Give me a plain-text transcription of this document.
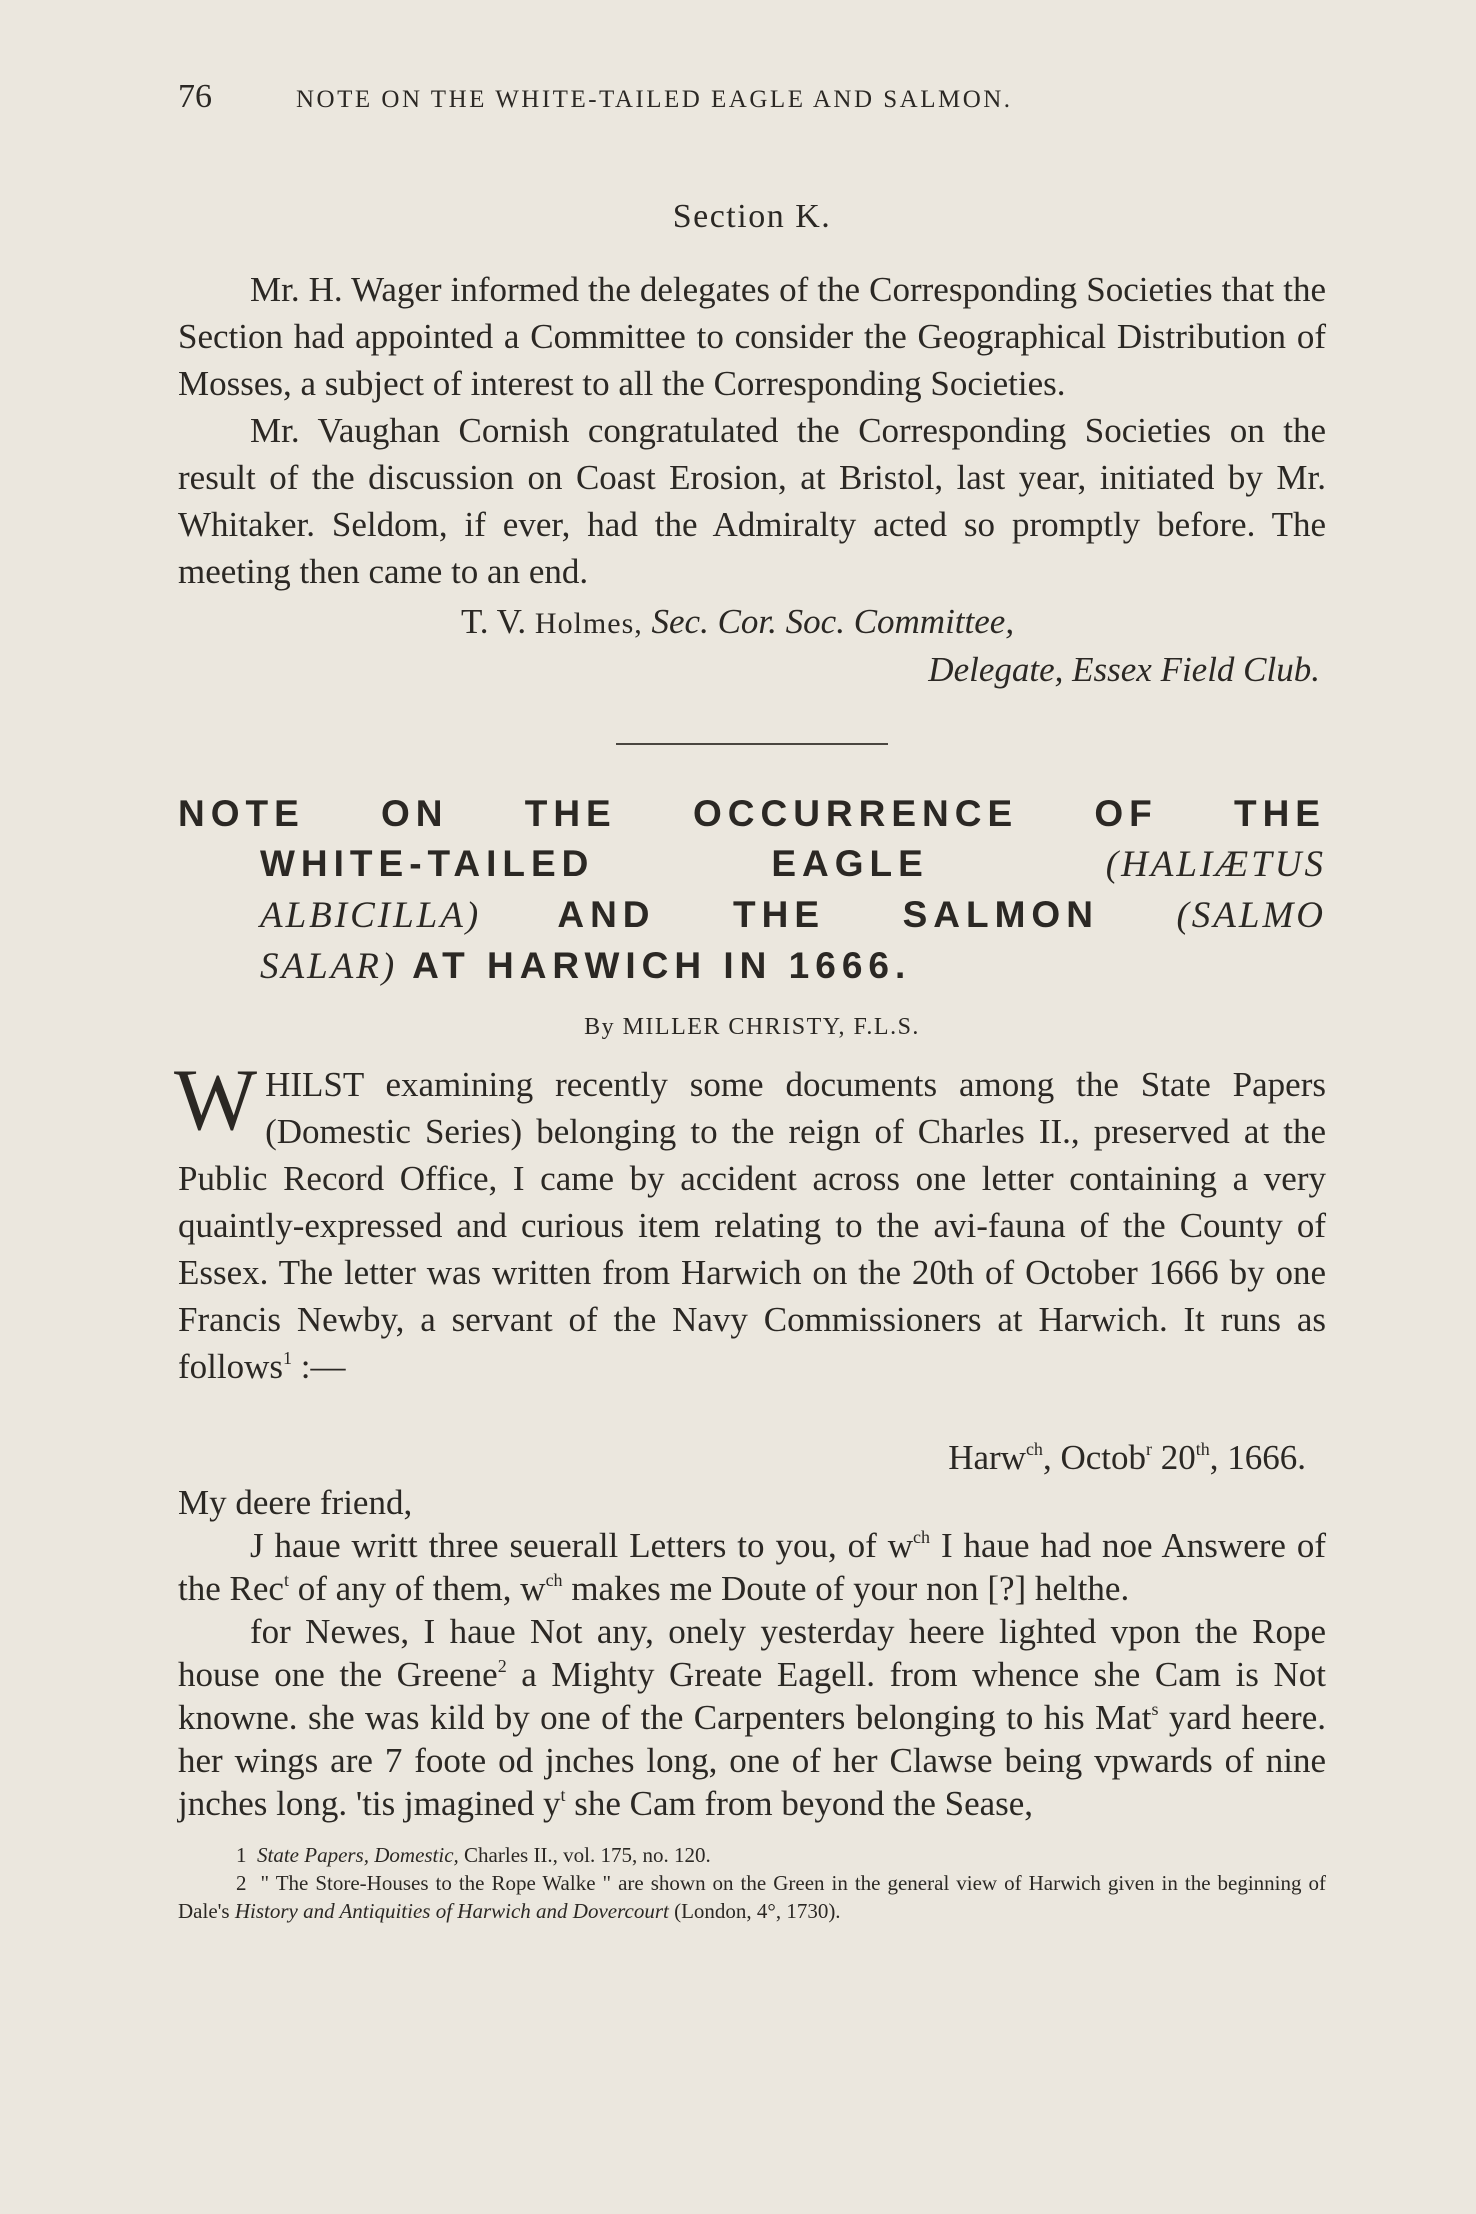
76	NOTE ON THE WHITE-TAILED EAGLE AND SALMON.
Section K.

Mr. H. Wager informed the delegates of the Corresponding Societies that the Section had appointed a Committee to consider the Geographical Distribution of Mosses, a subject of interest to all the Corresponding Societies.

Mr. Vaughan Cornish congratulated the Corresponding Societies on the result of the discussion on Coast Erosion, at Bristol, last year, initiated by Mr. Whitaker. Seldom, if ever, had the Admiralty acted so promptly before. The meeting then came to an end.

T. V. Holmes, Sec. Cor. Soc. Committee,
Delegate, Essex Field Club.
NOTE ON THE OCCURRENCE OF THE
WHITE-TAILED EAGLE	(HALIÆTUS
ALBICILLA) AND THE SALMON (SALMO
SALAR) AT HARWICH IN 1666.
By MILLER CHRISTY, F.L.S.

WHILST examining recently some documents among the State Papers (Domestic Series) belonging to the reign of Charles II., preserved at the Public Record Office, I came by accident across one letter containing a very quaintly-expressed and curious item relating to the avi-fauna of the County of Essex. The letter was written from Harwich on the 20th of October 1666 by one Francis Newby, a servant of the Navy Commissioners at Harwich. It runs as follows$^1$ :—

Harw$^{ch}$, Octob$^r$ 20th, 1666.

My deere friend,

J haue writt three seuerall Letters to you, of $w^{ch}$ I haue had noe Answere of the Rec$^t$ of any of them, $w^{ch}$ makes me Doute of your non [?] helthe.

for Newes, I haue Not any, onely yesterday heere lighted vpon the Rope house one the Greene$^2$ a Mighty Greate Eagell. from whence she Cam is Not knowne. she was kild by one of the Carpenters belonging to his Mat$^s$ yard heere. her wings are 7 foote od jnches long, one of her Clawse being vpwards of nine jnches long. 'tis jmagined $y^t$ she Cam from beyond the Sease,

1 State Papers, Domestic, Charles II., vol. 175, no. 120.

2 " The Store-Houses to the Rope Walke " are shown on the Green in the general view of Harwich given in the beginning of Dale's History and Antiquities of Harwich and Dovercourt (London, 4°, 1730).
